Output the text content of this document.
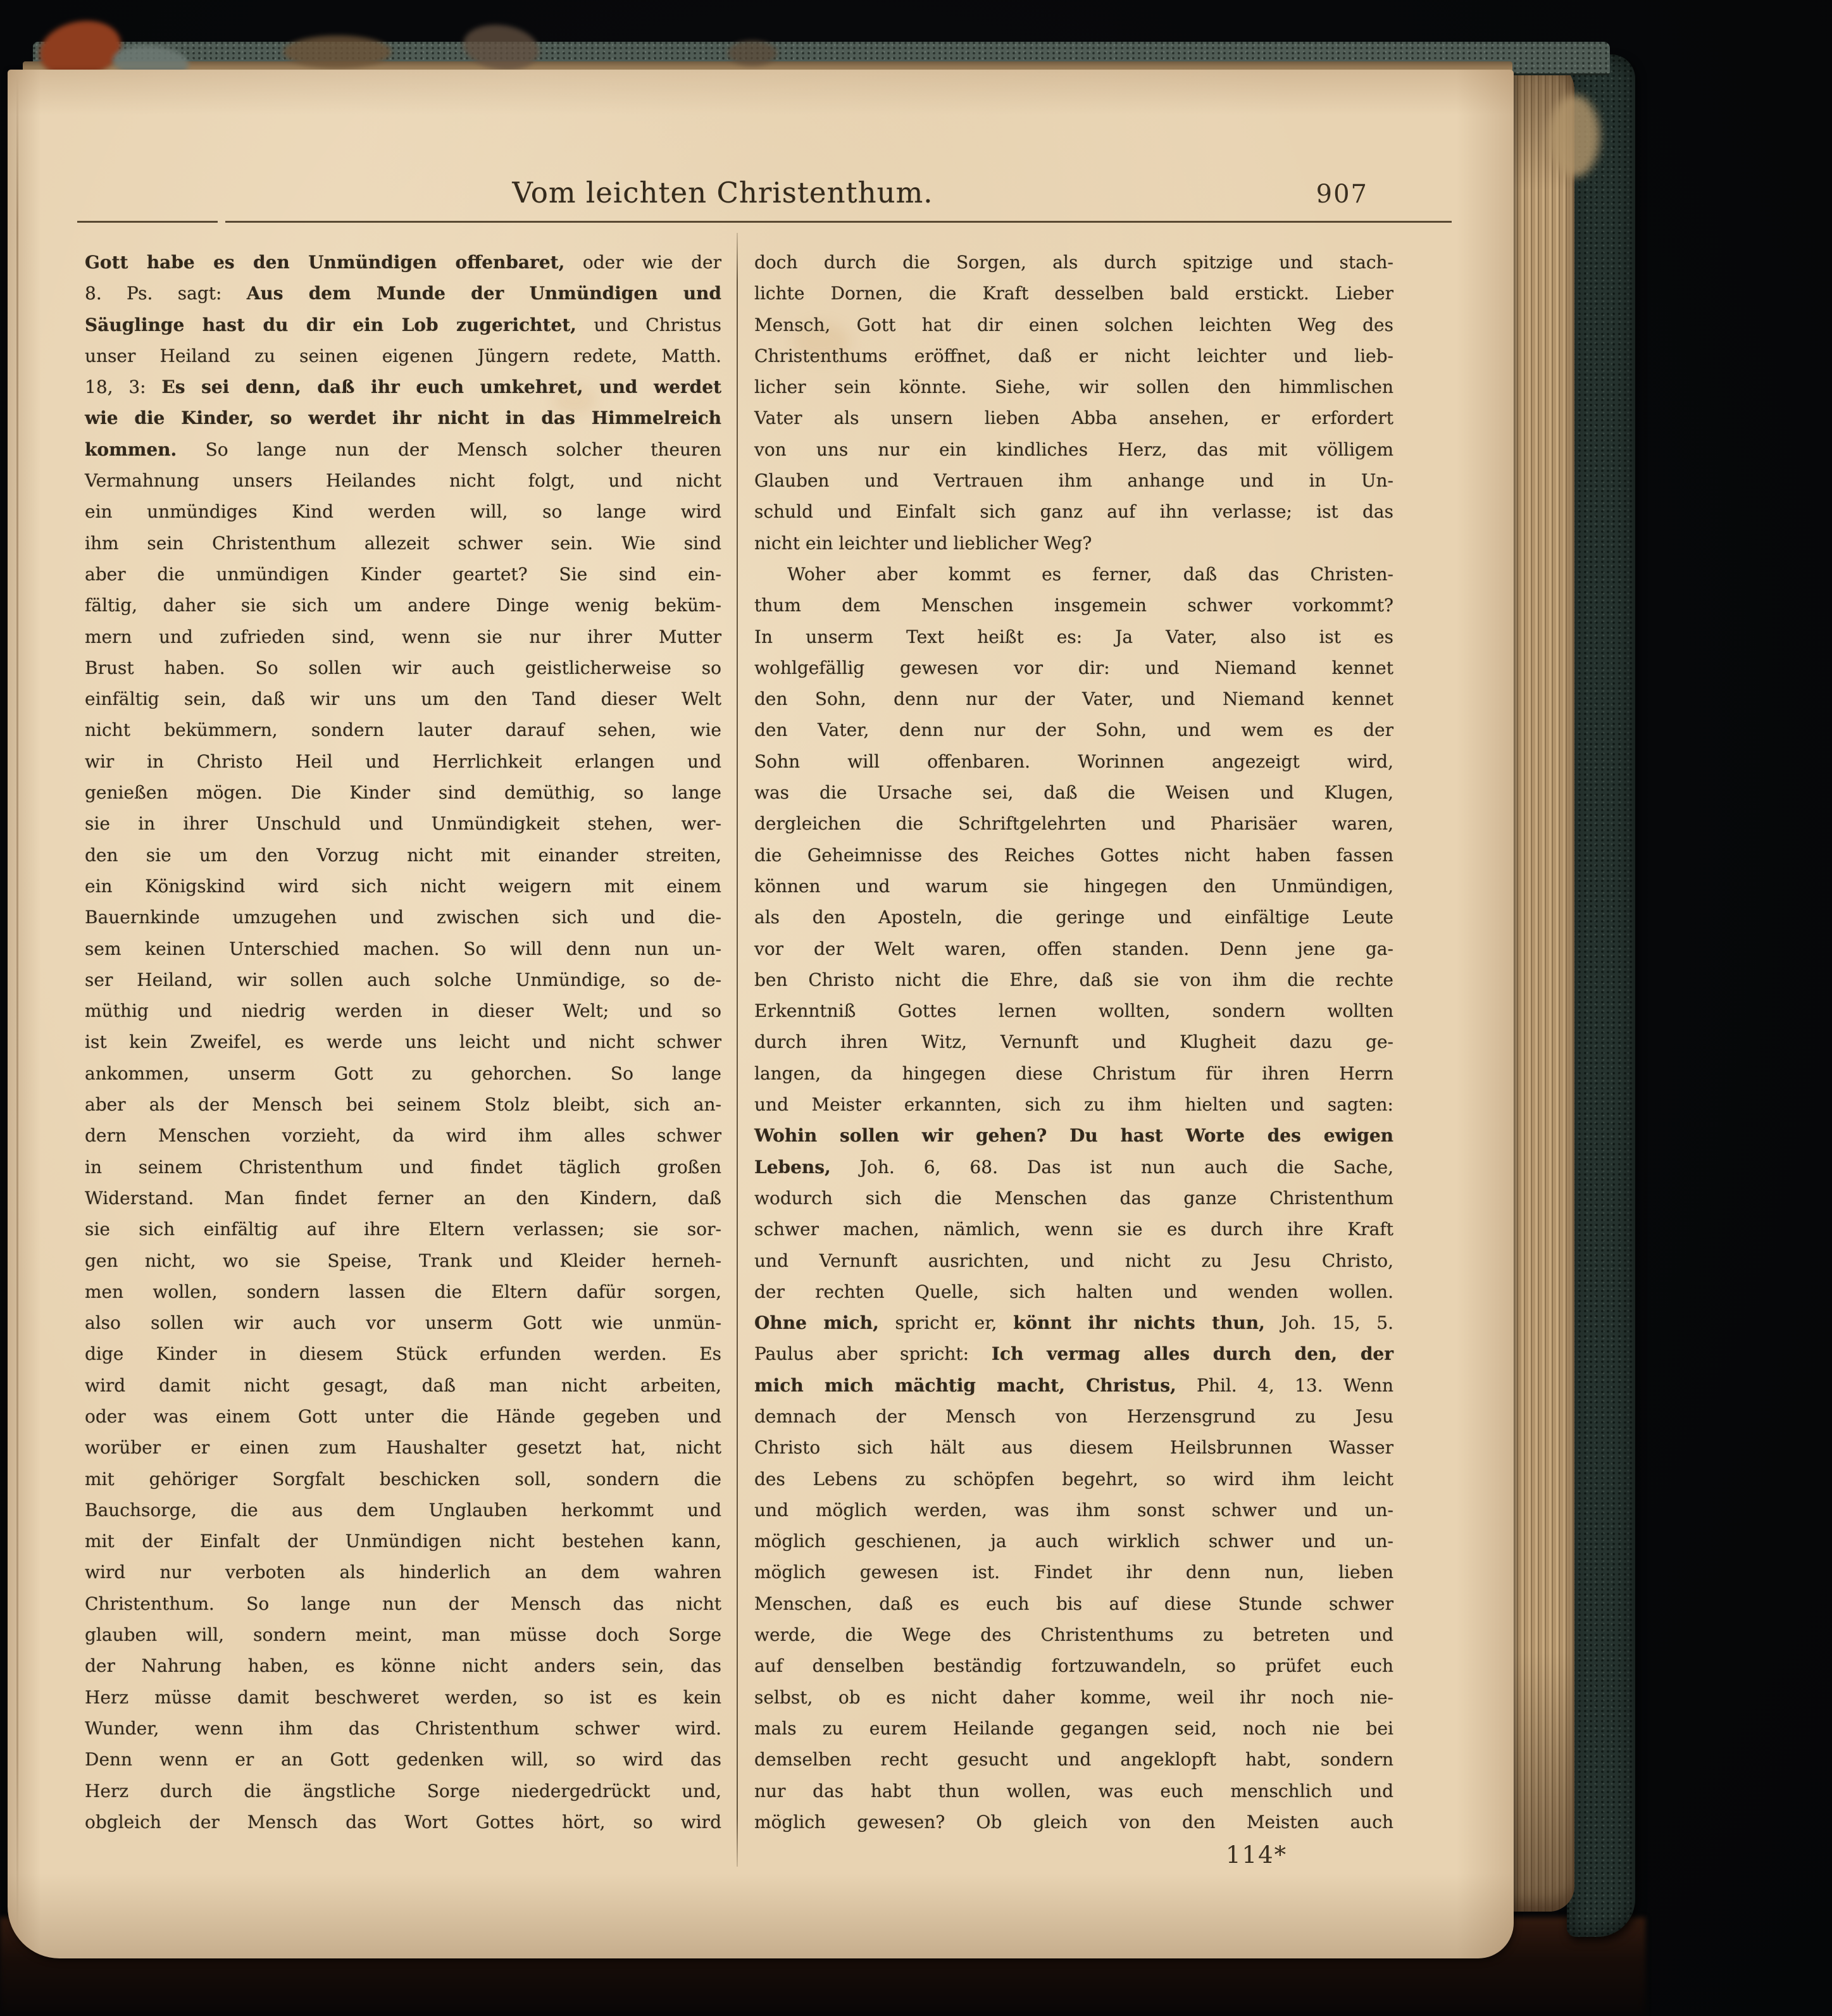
Vom leichten Christenthum.	907
Gott habe es den Unmündigen offenbaret, oder wie der
8. Ps. sagt: Aus dem Munde der Unmündigen und
Säuglinge hast du dir ein Lob zugerichtet, und Christus
unser Heiland zu seinen eigenen Jüngern redete, Matth.
18, 3: Es sei denn, daß ihr euch umkehret, und werdet
wie die Kinder, so werdet ihr nicht in das Himmelreich
kommen. So lange nun der Mensch solcher theuren
Vermahnung unsers Heilandes nicht folgt, und nicht
ein unmündiges Kind werden will, so lange wird
ihm sein Christenthum allezeit schwer sein. Wie sind
aber die unmündigen Kinder geartet? Sie sind ein-
fältig, daher sie sich um andere Dinge wenig beküm-
mern und zufrieden sind, wenn sie nur ihrer Mutter
Brust haben. So sollen wir auch geistlicherweise so
einfältig sein, daß wir uns um den Tand dieser Welt
nicht bekümmern, sondern lauter darauf sehen, wie
wir in Christo Heil und Herrlichkeit erlangen und
genießen mögen. Die Kinder sind demüthig, so lange
sie in ihrer Unschuld und Unmündigkeit stehen, wer-
den sie um den Vorzug nicht mit einander streiten,
ein Königskind wird sich nicht weigern mit einem
Bauernkinde umzugehen und zwischen sich und die-
sem keinen Unterschied machen. So will denn nun un-
ser Heiland, wir sollen auch solche Unmündige, so de-
müthig und niedrig werden in dieser Welt; und so
ist kein Zweifel, es werde uns leicht und nicht schwer
ankommen, unserm Gott zu gehorchen. So lange
aber als der Mensch bei seinem Stolz bleibt, sich an-
dern Menschen vorzieht, da wird ihm alles schwer
in seinem Christenthum und findet täglich großen
Widerstand. Man findet ferner an den Kindern, daß
sie sich einfältig auf ihre Eltern verlassen; sie sor-
gen nicht, wo sie Speise, Trank und Kleider herneh-
men wollen, sondern lassen die Eltern dafür sorgen,
also sollen wir auch vor unserm Gott wie unmün-
dige Kinder in diesem Stück erfunden werden. Es
wird damit nicht gesagt, daß man nicht arbeiten,
oder was einem Gott unter die Hände gegeben und
worüber er einen zum Haushalter gesetzt hat, nicht
mit gehöriger Sorgfalt beschicken soll, sondern die
Bauchsorge, die aus dem Unglauben herkommt und
mit der Einfalt der Unmündigen nicht bestehen kann,
wird nur verboten als hinderlich an dem wahren
Christenthum. So lange nun der Mensch das nicht
glauben will, sondern meint, man müsse doch Sorge
der Nahrung haben, es könne nicht anders sein, das
Herz müsse damit beschweret werden, so ist es kein
Wunder, wenn ihm das Christenthum schwer wird.
Denn wenn er an Gott gedenken will, so wird das
Herz durch die ängstliche Sorge niedergedrückt und,
obgleich der Mensch das Wort Gottes hört, so wird
doch durch die Sorgen, als durch spitzige und stach-
lichte Dornen, die Kraft desselben bald erstickt. Lieber
Mensch, Gott hat dir einen solchen leichten Weg des
Christenthums eröffnet, daß er nicht leichter und lieb-
licher sein könnte. Siehe, wir sollen den himmlischen
Vater als unsern lieben Abba ansehen, er erfordert
von uns nur ein kindliches Herz, das mit völligem
Glauben und Vertrauen ihm anhange und in Un-
schuld und Einfalt sich ganz auf ihn verlasse; ist das
nicht ein leichter und lieblicher Weg?
Woher aber kommt es ferner, daß das Christen-
thum dem Menschen insgemein schwer vorkommt?
In unserm Text heißt es: Ja Vater, also ist es
wohlgefällig gewesen vor dir: und Niemand kennet
den Sohn, denn nur der Vater, und Niemand kennet
den Vater, denn nur der Sohn, und wem es der
Sohn will offenbaren. Worinnen angezeigt wird,
was die Ursache sei, daß die Weisen und Klugen,
dergleichen die Schriftgelehrten und Pharisäer waren,
die Geheimnisse des Reiches Gottes nicht haben fassen
können und warum sie hingegen den Unmündigen,
als den Aposteln, die geringe und einfältige Leute
vor der Welt waren, offen standen. Denn jene ga-
ben Christo nicht die Ehre, daß sie von ihm die rechte
Erkenntniß Gottes lernen wollten, sondern wollten
durch ihren Witz, Vernunft und Klugheit dazu ge-
langen, da hingegen diese Christum für ihren Herrn
und Meister erkannten, sich zu ihm hielten und sagten:
Wohin sollen wir gehen? Du hast Worte des ewigen
Lebens, Joh. 6, 68. Das ist nun auch die Sache,
wodurch sich die Menschen das ganze Christenthum
schwer machen, nämlich, wenn sie es durch ihre Kraft
und Vernunft ausrichten, und nicht zu Jesu Christo,
der rechten Quelle, sich halten und wenden wollen.
Ohne mich, spricht er, könnt ihr nichts thun, Joh. 15, 5.
Paulus aber spricht: Ich vermag alles durch den, der
mich mich mächtig macht, Christus, Phil. 4, 13. Wenn
demnach der Mensch von Herzensgrund zu Jesu
Christo sich hält aus diesem Heilsbrunnen Wasser
des Lebens zu schöpfen begehrt, so wird ihm leicht
und möglich werden, was ihm sonst schwer und un-
möglich geschienen, ja auch wirklich schwer und un-
möglich gewesen ist. Findet ihr denn nun, lieben
Menschen, daß es euch bis auf diese Stunde schwer
werde, die Wege des Christenthums zu betreten und
auf denselben beständig fortzuwandeln, so prüfet euch
selbst, ob es nicht daher komme, weil ihr noch nie-
mals zu eurem Heilande gegangen seid, noch nie bei
demselben recht gesucht und angeklopft habt, sondern
nur das habt thun wollen, was euch menschlich und
möglich gewesen? Ob gleich von den Meisten auch
114*
